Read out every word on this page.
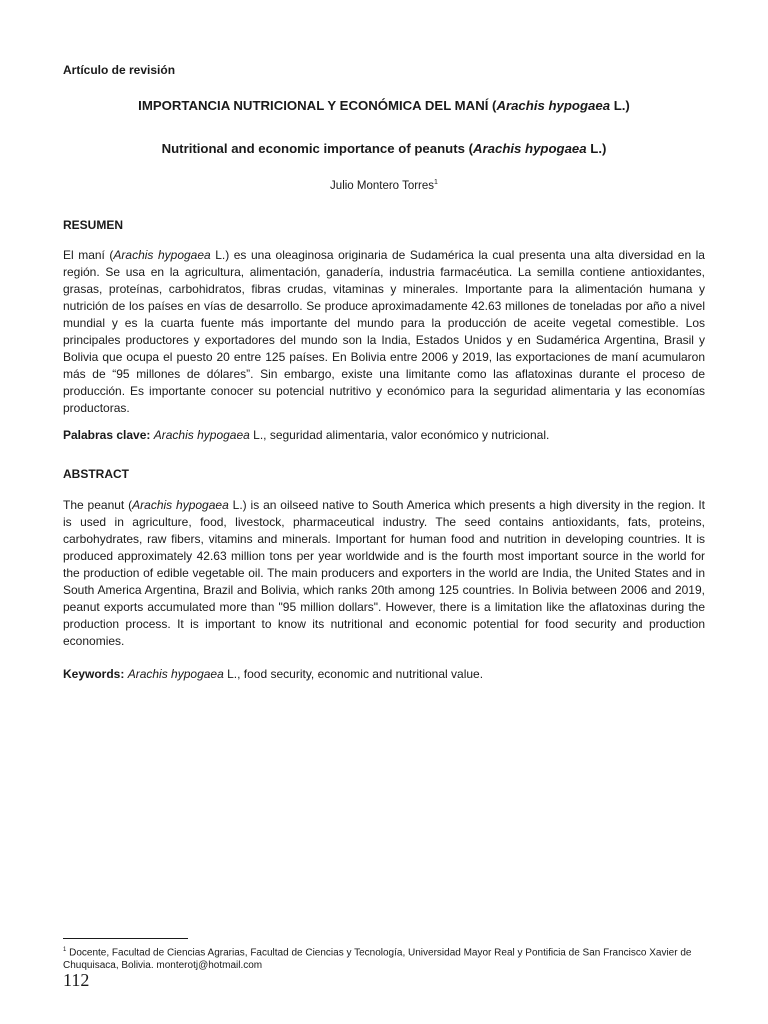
Artículo de revisión
IMPORTANCIA NUTRICIONAL Y ECONÓMICA DEL MANÍ (Arachis hypogaea L.)
Nutritional and economic importance of peanuts (Arachis hypogaea L.)
Julio Montero Torres$^1$
RESUMEN

El maní (Arachis hypogaea L.) es una oleaginosa originaria de Sudamérica la cual presenta una alta diversidad en la región. Se usa en la agricultura, alimentación, ganadería, industria farmacéutica. La semilla contiene antioxidantes, grasas, proteínas, carbohidratos, fibras crudas, vitaminas y minerales. Importante para la alimentación humana y nutrición de los países en vías de desarrollo. Se produce aproximadamente 42.63 millones de toneladas por año a nivel mundial y es la cuarta fuente más importante del mundo para la producción de aceite vegetal comestible. Los principales productores y exportadores del mundo son la India, Estados Unidos y en Sudamérica Argentina, Brasil y Bolivia que ocupa el puesto 20 entre 125 países. En Bolivia entre 2006 y 2019, las exportaciones de maní acumularon más de “95 millones de dólares”. Sin embargo, existe una limitante como las aflatoxinas durante el proceso de producción. Es importante conocer su potencial nutritivo y económico para la seguridad alimentaria y las economías productoras.

Palabras clave: Arachis hypogaea L., seguridad alimentaria, valor económico y nutricional.

ABSTRACT

The peanut (Arachis hypogaea L.) is an oilseed native to South America which presents a high diversity in the region. It is used in agriculture, food, livestock, pharmaceutical industry. The seed contains antioxidants, fats, proteins, carbohydrates, raw fibers, vitamins and minerals. Important for human food and nutrition in developing countries. It is produced approximately 42.63 million tons per year worldwide and is the fourth most important source in the world for the production of edible vegetable oil. The main producers and exporters in the world are India, the United States and in South America Argentina, Brazil and Bolivia, which ranks 20th among 125 countries. In Bolivia between 2006 and 2019, peanut exports accumulated more than "95 million dollars". However, there is a limitation like the aflatoxinas during the production process. It is important to know its nutritional and economic potential for food security and production economies.

Keywords: Arachis hypogaea L., food security, economic and nutritional value.

$^1$ Docente, Facultad de Ciencias Agrarias, Facultad de Ciencias y Tecnología, Universidad Mayor Real y Pontificia de San Francisco Xavier de Chuquisaca, Bolivia. monterotj@hotmail.com

112
